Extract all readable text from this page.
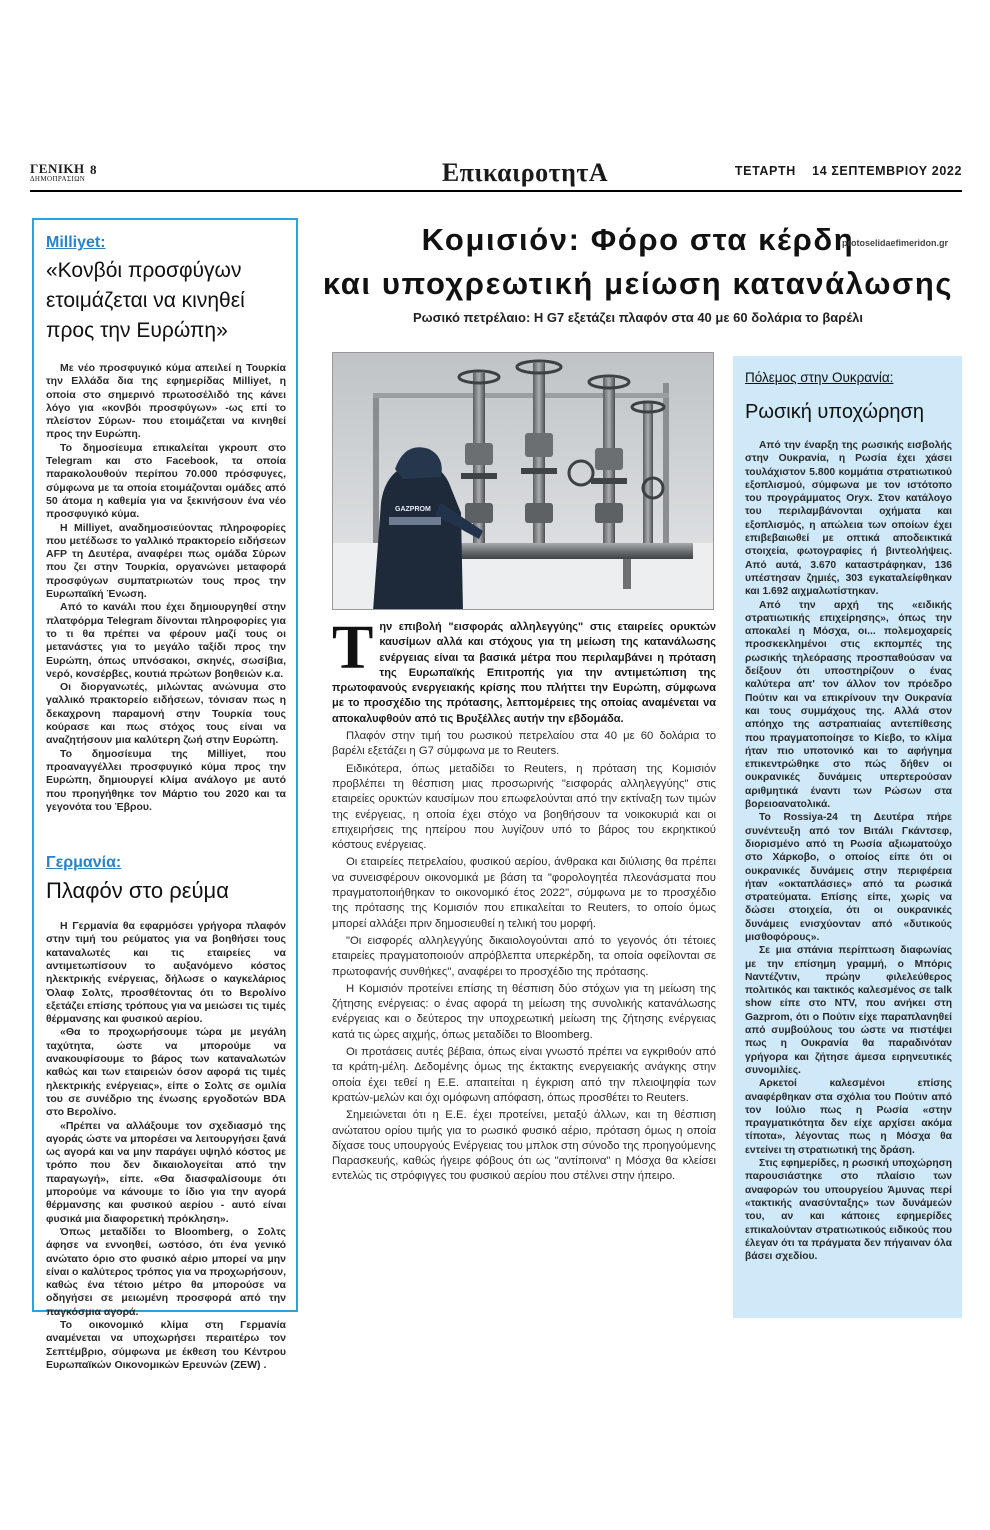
ΓΕΝΙΚΗ
ΔΗΜΟΠΡΑΣΙΩΝ
8	ΕπικαιροτητΑ	ΤΕΤΑΡΤΗ 14 ΣΕΠΤΕΜΒΡΙΟΥ 2022
Milliyet:
«Κονβόι προσφύγων ετοιμάζεται να κινηθεί προς την Ευρώπη»

Με νέο προσφυγικό κύμα απειλεί η Τουρκία την Ελλάδα δια της εφημερίδας Milliyet, η οποία στο σημερινό πρωτοσέλιδό της κάνει λόγο για «κονβόι προσφύγων» -ως επί το πλείστον Σύρων- που ετοιμάζεται να κινηθεί προς την Ευρώπη.

Το δημοσίευμα επικαλείται γκρουπ στο Telegram και στο Facebook, τα οποία παρακολουθούν περίπου 70.000 πρόσφυγες, σύμφωνα με τα οποία ετοιμάζονται ομάδες από 50 άτομα η καθεμία για να ξεκινήσουν ένα νέο προσφυγικό κύμα.

Η Milliyet, αναδημοσιεύοντας πληροφορίες που μετέδωσε το γαλλικό πρακτορείο ειδήσεων AFP τη Δευτέρα, αναφέρει πως ομάδα Σύρων που ζει στην Τουρκία, οργανώνει μεταφορά προσφύγων συμπατριωτών τους προς την Ευρωπαϊκή Ένωση.

Από το κανάλι που έχει δημιουργηθεί στην πλατφόρμα Telegram δίνονται πληροφορίες για το τι θα πρέπει να φέρουν μαζί τους οι μετανάστες για το μεγάλο ταξίδι προς την Ευρώπη, όπως υπνόσακοι, σκηνές, σωσίβια, νερό, κονσέρβες, κουτιά πρώτων βοηθειών κ.α.

Οι διοργανωτές, μιλώντας ανώνυμα στο γαλλικό πρακτορείο ειδήσεων, τόνισαν πως η δεκαχρονη παραμονή στην Τουρκία τους κούρασε και πως στόχος τους είναι να αναζητήσουν μια καλύτερη ζωή στην Ευρώπη.

Το δημοσίευμα της Milliyet, που προαναγγέλλει προσφυγικό κύμα προς την Ευρώπη, δημιουργεί κλίμα ανάλογο με αυτό που προηγήθηκε τον Μάρτιο του 2020 και τα γεγονότα του Έβρου.

Γερμανία:
Πλαφόν στο ρεύμα

Η Γερμανία θα εφαρμόσει γρήγορα πλαφόν στην τιμή του ρεύματος για να βοηθήσει τους καταναλωτές και τις εταιρείες να αντιμετωπίσουν το αυξανόμενο κόστος ηλεκτρικής ενέργειας, δήλωσε ο καγκελάριος Όλαφ Σολτς, προσθέτοντας ότι το Βερολίνο εξετάζει επίσης τρόπους για να μειώσει τις τιμές θέρμανσης και φυσικού αερίου.

«Θα το προχωρήσουμε τώρα με μεγάλη ταχύτητα, ώστε να μπορούμε να ανακουφίσουμε το βάρος των καταναλωτών καθώς και των εταιρειών όσον αφορά τις τιμές ηλεκτρικής ενέργειας», είπε ο Σολτς σε ομιλία του σε συνέδριο της ένωσης εργοδοτών BDA στο Βερολίνο.

«Πρέπει να αλλάξουμε τον σχεδιασμό της αγοράς ώστε να μπορέσει να λειτουργήσει ξανά ως αγορά και να μην παράγει υψηλό κόστος με τρόπο που δεν δικαιολογείται από την παραγωγή», είπε. «Θα διασφαλίσουμε ότι μπορούμε να κάνουμε το ίδιο για την αγορά θέρμανσης και φυσικού αερίου - αυτό είναι φυσικά μια διαφορετική πρόκληση».

Όπως μεταδίδει το Bloomberg, ο Σολτς άφησε να εννοηθεί, ωστόσο, ότι ένα γενικό ανώτατο όριο στο φυσικό αέριο μπορεί να μην είναι ο καλύτερος τρόπος για να προχωρήσουν, καθώς ένα τέτοιο μέτρο θα μπορούσε να οδηγήσει σε μειωμένη προσφορά από την παγκόσμια αγορά.

Το οικονομικό κλίμα στη Γερμανία αναμένεται να υποχωρήσει περαιτέρω τον Σεπτέμβριο, σύμφωνα με έκθεση του Κέντρου Ευρωπαϊκών Οικονομικών Ερευνών (ZEW) .

Κομισιόν: Φόρο στα κέρδη
και υποχρεωτική μείωση κατανάλωσης
protoselidaefimeridon.gr
Ρωσικό πετρέλαιο: Η G7 εξετάζει πλαφόν στα 40 με 60 δολάρια το βαρέλι
GAZPROM
Τ ην επιβολή "εισφοράς αλληλεγγύης" στις εταιρείες ορυκτών καυσίμων αλλά και στόχους για τη μείωση της κατανάλωσης ενέργειας είναι τα βασικά μέτρα που περιλαμβάνει η πρόταση της Ευρωπαϊκής Επιτροπής για την αντιμετώπιση της πρωτοφανούς ενεργειακής κρίσης που πλήττει την Ευρώπη, σύμφωνα με το προσχέδιο της πρότασης, λεπτομέρειες της οποίας αναμένεται να αποκαλυφθούν από τις Βρυξέλλες αυτήν την εβδομάδα.

Πλαφόν στην τιμή του ρωσικού πετρελαίου στα 40 με 60 δολάρια το βαρέλι εξετάζει η G7 σύμφωνα με το Reuters.

Ειδικότερα, όπως μεταδίδει το Reuters, η πρόταση της Κομισιόν προβλέπει τη θέσπιση μιας προσωρινής "εισφοράς αλληλεγγύης" στις εταιρείες ορυκτών καυσίμων που επωφελούνται από την εκτίναξη των τιμών της ενέργειας, η οποία έχει στόχο να βοηθήσουν τα νοικοκυριά και οι επιχειρήσεις της ηπείρου που λυγίζουν υπό το βάρος του εκρηκτικού κόστους ενέργειας.

Οι εταιρείες πετρελαίου, φυσικού αερίου, άνθρακα και διύλισης θα πρέπει να συνεισφέρουν οικονομικά με βάση τα "φορολογητέα πλεονάσματα που πραγματοποιήθηκαν το οικονομικό έτος 2022", σύμφωνα με το προσχέδιο της πρότασης της Κομισιόν που επικαλείται το Reuters, το οποίο όμως μπορεί αλλάξει πριν δημοσιευθεί η τελική του μορφή.

"Οι εισφορές αλληλεγγύης δικαιολογούνται από το γεγονός ότι τέτοιες εταιρείες πραγματοποιούν απρόβλεπτα υπερκέρδη, τα οποία οφείλονται σε πρωτοφανής συνθήκες", αναφέρει το προσχέδιο της πρότασης.

Η Κομισιόν προτείνει επίσης τη θέσπιση δύο στόχων για τη μείωση της ζήτησης ενέργειας: ο ένας αφορά τη μείωση της συνολικής κατανάλωσης ενέργειας και ο δεύτερος την υποχρεωτική μείωση της ζήτησης ενέργειας κατά τις ώρες αιχμής, όπως μεταδίδει το Bloomberg.

Οι προτάσεις αυτές βέβαια, όπως είναι γνωστό πρέπει να εγκριθούν από τα κράτη-μέλη. Δεδομένης όμως της έκτακτης ενεργειακής ανάγκης στην οποία έχει τεθεί η Ε.Ε. απαιτείται η έγκριση από την πλειοψηφία των κρατών-μελών και όχι ομόφωνη απόφαση, όπως προσθέτει το Reuters.

Σημειώνεται ότι η Ε.Ε. έχει προτείνει, μεταξύ άλλων, και τη θέσπιση ανώτατου ορίου τιμής για το ρωσικό φυσικό αέριο, πρόταση όμως η οποία δίχασε τους υπουργούς Ενέργειας του μπλοκ στη σύνοδο της προηγούμενης Παρασκευής, καθώς ήγειρε φόβους ότι ως "αντίποινα" η Μόσχα θα κλείσει εντελώς τις στρόφιγγες του φυσικού αερίου που στέλνει στην ήπειρο.

Πόλεμος στην Ουκρανία:
Ρωσική υποχώρηση

Από την έναρξη της ρωσικής εισβολής στην Ουκρανία, η Ρωσία έχει χάσει τουλάχιστον 5.800 κομμάτια στρατιωτικού εξοπλισμού, σύμφωνα με τον ιστότοπο του προγράμματος Oryx. Στον κατάλογο του περιλαμβάνονται οχήματα και εξοπλισμός, η απώλεια των οποίων έχει επιβεβαιωθεί με οπτικά αποδεικτικά στοιχεία, φωτογραφίες ή βιντεολήψεις. Από αυτά, 3.670 καταστράφηκαν, 136 υπέστησαν ζημιές, 303 εγκαταλείφθηκαν και 1.692 αιχμαλωτίστηκαν.

Από την αρχή της «ειδικής στρατιωτικής επιχείρησης», όπως την αποκαλεί η Μόσχα, οι... πολεμοχαρείς προσκεκλημένοι στις εκπομπές της ρωσικής τηλεόρασης προσπαθούσαν να δείξουν ότι υποστηρίζουν ο ένας καλύτερα απ' τον άλλον τον πρόεδρο Πούτιν και να επικρίνουν την Ουκρανία και τους συμμάχους της. Αλλά στον απόηχο της αστραπιαίας αντεπίθεσης που πραγματοποίησε το Κίεβο, το κλίμα ήταν πιο υποτονικό και το αφήγημα επικεντρώθηκε στο πώς δήθεν οι ουκρανικές δυνάμεις υπερτερούσαν αριθμητικά έναντι των Ρώσων στα βορειοανατολικά.

Το Rossiya-24 τη Δευτέρα πήρε συνέντευξη από τον Βιτάλι Γκάντσεφ, διορισμένο από τη Ρωσία αξιωματούχο στο Χάρκοβο, ο οποίος είπε ότι οι ουκρανικές δυνάμεις στην περιφέρεια ήταν «οκταπλάσιες» από τα ρωσικά στρατεύματα. Επίσης είπε, χωρίς να δώσει στοιχεία, ότι οι ουκρανικές δυνάμεις ενισχύονταν από «δυτικούς μισθοφόρους».

Σε μια σπάνια περίπτωση διαφωνίας με την επίσημη γραμμή, ο Μπόρις Ναντέζντιν, πρώην φιλελεύθερος πολιτικός και τακτικός καλεσμένος σε talk show είπε στο NTV, που ανήκει στη Gazprom, ότι ο Πούτιν είχε παραπλανηθεί από συμβούλους του ώστε να πιστέψει πως η Ουκρανία θα παραδινόταν γρήγορα και ζήτησε άμεσα ειρηνευτικές συνομιλίες.

Αρκετοί καλεσμένοι επίσης αναφέρθηκαν στα σχόλια του Πούτιν από τον Ιούλιο πως η Ρωσία «στην πραγματικότητα δεν είχε αρχίσει ακόμα τίποτα», λέγοντας πως η Μόσχα θα εντείνει τη στρατιωτική της δράση.

Στις εφημερίδες, η ρωσική υποχώρηση παρουσιάστηκε στο πλαίσιο των αναφορών του υπουργείου Άμυνας περί «τακτικής ανασύνταξης» των δυνάμεών του, αν και κάποιες εφημερίδες επικαλούνταν στρατιωτικούς ειδικούς που έλεγαν ότι τα πράγματα δεν πήγαιναν όλα βάσει σχεδίου.
